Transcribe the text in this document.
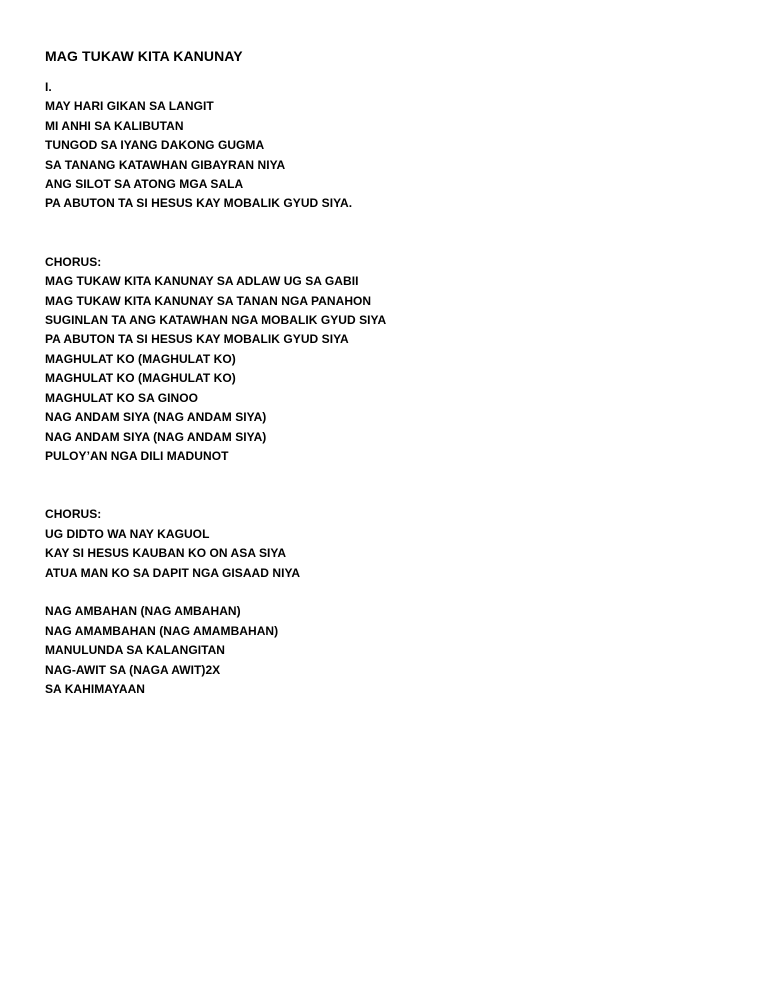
MAG TUKAW KITA KANUNAY
I.
MAY HARI GIKAN SA LANGIT
MI ANHI SA KALIBUTAN
TUNGOD SA IYANG DAKONG GUGMA
SA TANANG KATAWHAN GIBAYRAN NIYA
ANG SILOT SA ATONG MGA SALA
PA ABUTON TA SI HESUS KAY MOBALIK GYUD SIYA.
CHORUS:
MAG TUKAW KITA KANUNAY SA ADLAW UG SA GABII
MAG TUKAW KITA KANUNAY SA TANAN NGA PANAHON
SUGINLAN TA ANG KATAWHAN NGA MOBALIK GYUD SIYA
PA ABUTON TA SI HESUS KAY MOBALIK GYUD SIYA
MAGHULAT KO (MAGHULAT KO)
MAGHULAT KO (MAGHULAT KO)
MAGHULAT KO SA GINOO
NAG ANDAM SIYA (NAG ANDAM SIYA)
NAG ANDAM SIYA (NAG ANDAM SIYA)
PULOY’AN NGA DILI MADUNOT
CHORUS:
UG DIDTO WA NAY KAGUOL
KAY SI HESUS KAUBAN KO ON ASA SIYA
ATUA MAN KO SA DAPIT NGA GISAAD NIYA
NAG AMBAHAN (NAG AMBAHAN)
NAG AMAMBAHAN (NAG AMAMBAHAN)
MANULUNDA SA KALANGITAN
NAG-AWIT SA (NAGA AWIT)2X
SA KAHIMAYAAN
